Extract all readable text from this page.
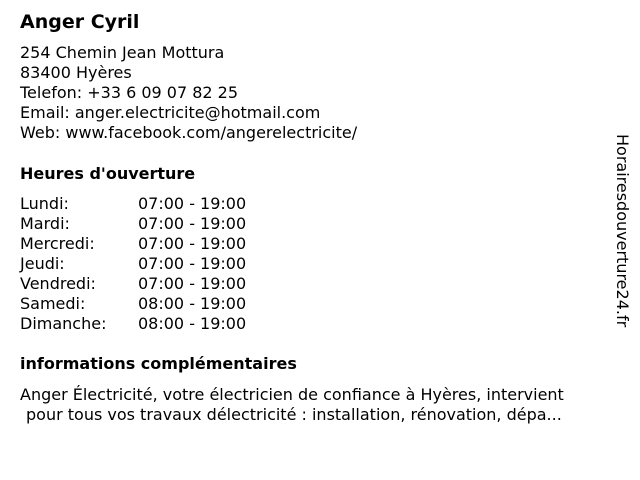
Anger Cyril
254 Chemin Jean Mottura
83400 Hyères
Telefon: +33 6 09 07 82 25
Email: anger.electricite@hotmail.com
Web: www.facebook.com/angerelectricite/
Heures d'ouverture
Lundi:	07:00 - 19:00
Mardi:	07:00 - 19:00
Mercredi:	07:00 - 19:00
Jeudi:	07:00 - 19:00
Vendredi:	07:00 - 19:00
Samedi:	08:00 - 19:00
Dimanche: 08:00 - 19:00
informations complémentaires
Anger Électricité, votre électricien de confiance à Hyères, intervient
pour tous vos travaux délectricité : installation, rénovation, dépa...
Horairesdouverture24.fr
